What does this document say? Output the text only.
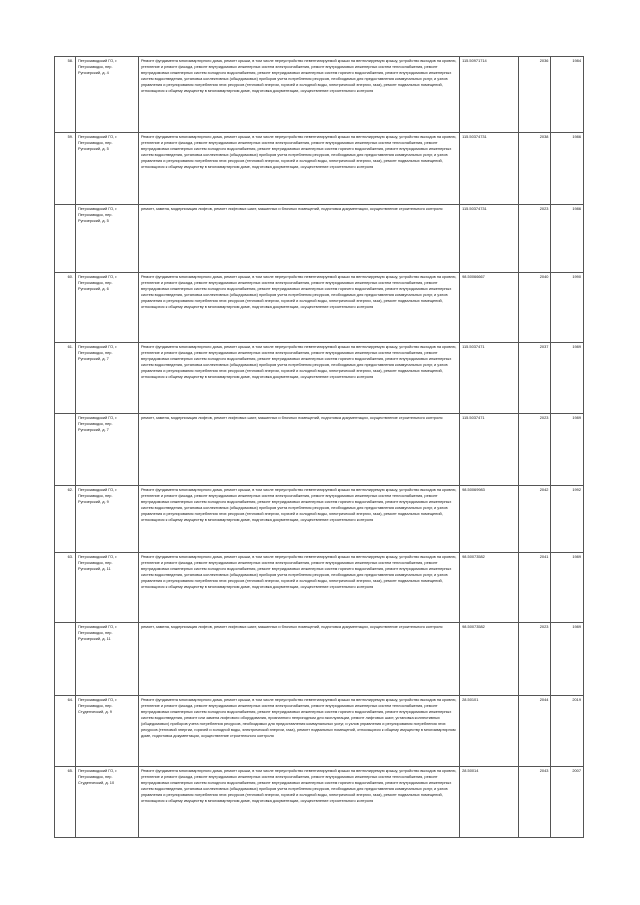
58.	Петрозаводский ГО, г. Петрозаводск, пер. Ругозерский, д. 4	Ремонт фундамента многоквартирного дома, ремонт крыши, в том числе переустройство невентилируемой крыши на вентилируемую крышу, устройство выходов на кровлю, утепление и ремонт фасада, ремонт внутридомовых инженерных систем электроснабжения, ремонт внутридомовых инженерных систем теплоснабжения, ремонт внутридомовых инженерных систем холодного водоснабжения, ремонт внутридомовых инженерных систем горячего водоснабжения, ремонт внутридомовых инженерных систем водоотведения, установка коллективных (общедомовых) приборов учета потребления ресурсов, необходимых для предоставления коммунальных услуг, и узлов управления и регулирования потребления этих ресурсов (тепловой энергии, горячей и холодной воды, электрической энергии, газа), ремонт подвальных помещений, относящихся к общему имуществу в многоквартирном доме, подготовка документации, осуществление строительного контроля	115.50971714	2036	1984
59.	Петрозаводский ГО, г. Петрозаводск, пер. Ругозерский, д. 5	Ремонт фундамента многоквартирного дома, ремонт крыши, в том числе переустройство невентилируемой крыши на вентилируемую крышу, устройство выходов на кровлю, утепление и ремонт фасада, ремонт внутридомовых инженерных систем электроснабжения, ремонт внутридомовых инженерных систем теплоснабжения, ремонт внутридомовых инженерных систем холодного водоснабжения, ремонт внутридомовых инженерных систем горячего водоснабжения, ремонт внутридомовых инженерных систем водоотведения, установка коллективных (общедомовых) приборов учета потребления ресурсов, необходимых для предоставления коммунальных услуг, и узлов управления и регулирования потребления этих ресурсов (тепловой энергии, горячей и холодной воды, электрической энергии, газа), ремонт подвальных помещений, относящихся к общему имуществу в многоквартирном доме, подготовка документации, осуществление строительного контроля	115.50374731	2038	1986
	Петрозаводский ГО, г. Петрозаводск, пер. Ругозерский, д. 5	ремонт, замена, модернизация лифтов, ремонт лифтовых шахт, машинных и блочных помещений, подготовка документации, осуществление строительного контроля	115.50374731	2023	1986
60.	Петрозаводский ГО, г. Петрозаводск, пер. Ругозерский, д. 6	Ремонт фундамента многоквартирного дома, ремонт крыши, в том числе переустройство невентилируемой крыши на вентилируемую крышу, устройство выходов на кровлю, утепление и ремонт фасада, ремонт внутридомовых инженерных систем электроснабжения, ремонт внутридомовых инженерных систем теплоснабжения, ремонт внутридомовых инженерных систем холодного водоснабжения, ремонт внутридомовых инженерных систем горячего водоснабжения, ремонт внутридомовых инженерных систем водоотведения, установка коллективных (общедомовых) приборов учета потребления ресурсов, необходимых для предоставления коммунальных услуг, и узлов управления и регулирования потребления этих ресурсов (тепловой энергии, горячей и холодной воды, электрической энергии, газа), ремонт подвальных помещений, относящихся к общему имуществу в многоквартирном доме, подготовка документации, осуществление строительного контроля	98.50066667	2040	1990
61.	Петрозаводский ГО, г. Петрозаводск, пер. Ругозерский, д. 7	Ремонт фундамента многоквартирного дома, ремонт крыши, в том числе переустройство невентилируемой крыши на вентилируемую крышу, устройство выходов на кровлю, утепление и ремонт фасада, ремонт внутридомовых инженерных систем электроснабжения, ремонт внутридомовых инженерных систем теплоснабжения, ремонт внутридомовых инженерных систем холодного водоснабжения, ремонт внутридомовых инженерных систем горячего водоснабжения, ремонт внутридомовых инженерных систем водоотведения, установка коллективных (общедомовых) приборов учета потребления ресурсов, необходимых для предоставления коммунальных услуг, и узлов управления и регулирования потребления этих ресурсов (тепловой энергии, горячей и холодной воды, электрической энергии, газа), ремонт подвальных помещений, относящихся к общему имуществу в многоквартирном доме, подготовка документации, осуществление строительного контроля	115.5037471	2037	1989
	Петрозаводский ГО, г. Петрозаводск, пер. Ругозерский, д. 7	ремонт, замена, модернизация лифтов, ремонт лифтовых шахт, машинных и блочных помещений, подготовка документации, осуществление строительного контроля	115.5037471	2023	1989
62.	Петрозаводский ГО, г. Петрозаводск, пер. Ругозерский, д. 9	Ремонт фундамента многоквартирного дома, ремонт крыши, в том числе переустройство невентилируемой крыши на вентилируемую крышу, устройство выходов на кровлю, утепление и ремонт фасада, ремонт внутридомовых инженерных систем электроснабжения, ремонт внутридомовых инженерных систем теплоснабжения, ремонт внутридомовых инженерных систем холодного водоснабжения, ремонт внутридомовых инженерных систем горячего водоснабжения, ремонт внутридомовых инженерных систем водоотведения, установка коллективных (общедомовых) приборов учета потребления ресурсов, необходимых для предоставления коммунальных услуг, и узлов управления и регулирования потребления этих ресурсов (тепловой энергии, горячей и холодной воды, электрической энергии, газа), ремонт подвальных помещений, относящихся к общему имуществу в многоквартирном доме, подготовка документации, осуществление строительного контроля	98.50069983	2042	1992
63.	Петрозаводский ГО, г. Петрозаводск, пер. Ругозерский, д. 11	Ремонт фундамента многоквартирного дома, ремонт крыши, в том числе переустройство невентилируемой крыши на вентилируемую крышу, устройство выходов на кровлю, утепление и ремонт фасада, ремонт внутридомовых инженерных систем электроснабжения, ремонт внутридомовых инженерных систем теплоснабжения, ремонт внутридомовых инженерных систем холодного водоснабжения, ремонт внутридомовых инженерных систем горячего водоснабжения, ремонт внутридомовых инженерных систем водоотведения, установка коллективных (общедомовых) приборов учета потребления ресурсов, необходимых для предоставления коммунальных услуг, и узлов управления и регулирования потребления этих ресурсов (тепловой энергии, горячей и холодной воды, электрической энергии, газа), ремонт подвальных помещений, относящихся к общему имуществу в многоквартирном доме, подготовка документации, осуществление строительного контроля	98.50073582	2041	1989
	Петрозаводский ГО, г. Петрозаводск, пер. Ругозерский, д. 11	ремонт, замена, модернизация лифтов, ремонт лифтовых шахт, машинных и блочных помещений, подготовка документации, осуществление строительного контроля	98.50073582	2023	1989
64.	Петрозаводский ГО, г. Петрозаводск, пер. Студенческий, д. 9	Ремонт фундамента многоквартирного дома, ремонт крыши, в том числе переустройство невентилируемой крыши на вентилируемую крышу, устройство выходов на кровлю, утепление и ремонт фасада, ремонт внутридомовых инженерных систем электроснабжения, ремонт внутридомовых инженерных систем теплоснабжения, ремонт внутридомовых инженерных систем холодного водоснабжения, ремонт внутридомовых инженерных систем горячего водоснабжения, ремонт внутридомовых инженерных систем водоотведения, ремонт или замена лифтового оборудования, признанного непригодным для эксплуатации, ремонт лифтовых шахт, установка коллективных (общедомовых) приборов учета потребления ресурсов, необходимых для предоставления коммунальных услуг, и узлов управления и регулирования потребления этих ресурсов (тепловой энергии, горячей и холодной воды, электрической энергии, газа), ремонт подвальных помещений, относящихся к общему имуществу в многоквартирном доме, подготовка документации, осуществление строительного контроля	28.50101	2044	2019
65.	Петрозаводский ГО, г. Петрозаводск, пер. Студенческий, д. 10	Ремонт фундамента многоквартирного дома, ремонт крыши, в том числе переустройство невентилируемой крыши на вентилируемую крышу, устройство выходов на кровлю, утепление и ремонт фасада, ремонт внутридомовых инженерных систем электроснабжения, ремонт внутридомовых инженерных систем теплоснабжения, ремонт внутридомовых инженерных систем холодного водоснабжения, ремонт внутридомовых инженерных систем горячего водоснабжения, ремонт внутридомовых инженерных систем водоотведения, установка коллективных (общедомовых) приборов учета потребления ресурсов, необходимых для предоставления коммунальных услуг, и узлов управления и регулирования потребления этих ресурсов (тепловой энергии, горячей и холодной воды, электрической энергии, газа), ремонт подвальных помещений, относящихся к общему имуществу в многоквартирном доме, подготовка документации, осуществление строительного контроля	28.50014	2043	2007
